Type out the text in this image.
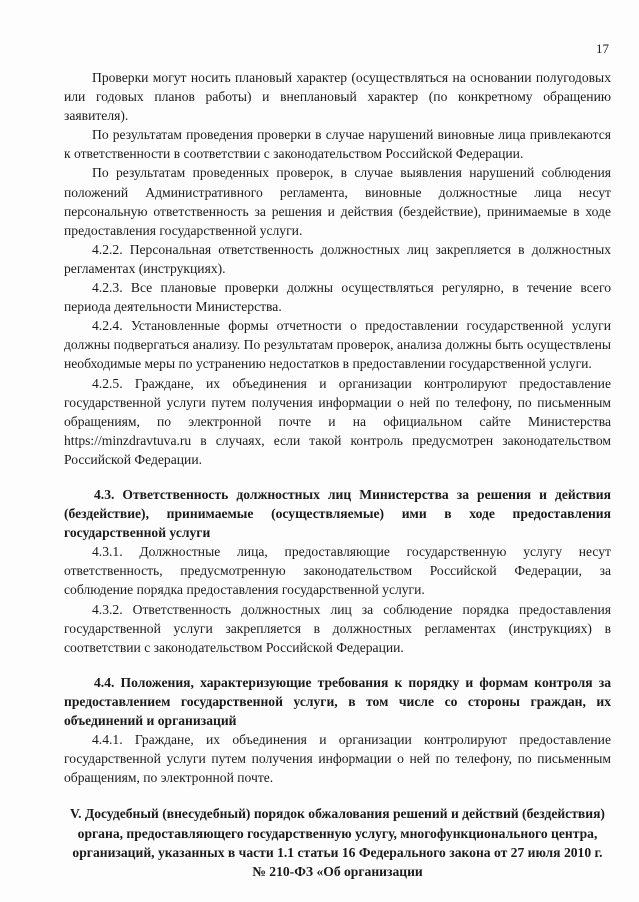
17

Проверки могут носить плановый характер (осуществляться на основании полугодовых или годовых планов работы) и внеплановый характер (по конкретному обращению заявителя).

По результатам проведения проверки в случае нарушений виновные лица привлекаются к ответственности в соответствии с законодательством Российской Федерации.

По результатам проведенных проверок, в случае выявления нарушений соблюдения положений Административного регламента, виновные должностные лица несут персональную ответственность за решения и действия (бездействие), принимаемые в ходе предоставления государственной услуги.

4.2.2. Персональная ответственность должностных лиц закрепляется в должностных регламентах (инструкциях).

4.2.3. Все плановые проверки должны осуществляться регулярно, в течение всего периода деятельности Министерства.

4.2.4. Установленные формы отчетности о предоставлении государственной услуги должны подвергаться анализу. По результатам проверок, анализа должны быть осуществлены необходимые меры по устранению недостатков в предоставлении государственной услуги.

4.2.5. Граждане, их объединения и организации контролируют предоставление государственной услуги путем получения информации о ней по телефону, по письменным обращениям, по электронной почте и на официальном сайте Министерства https://minzdravtuva.ru в случаях, если такой контроль предусмотрен законодательством Российской Федерации.

4.3. Ответственность должностных лиц Министерства за решения и действия (бездействие), принимаемые (осуществляемые) ими в ходе предоставления государственной услуги

4.3.1. Должностные лица, предоставляющие государственную услугу несут ответственность, предусмотренную законодательством Российской Федерации, за соблюдение порядка предоставления государственной услуги.

4.3.2. Ответственность должностных лиц за соблюдение порядка предоставления государственной услуги закрепляется в должностных регламентах (инструкциях) в соответствии с законодательством Российской Федерации.

4.4. Положения, характеризующие требования к порядку и формам контроля за предоставлением государственной услуги, в том числе со стороны граждан, их объединений и организаций

4.4.1. Граждане, их объединения и организации контролируют предоставление государственной услуги путем получения информации о ней по телефону, по письменным обращениям, по электронной почте.

V. Досудебный (внесудебный) порядок обжалования решений и действий (бездействия) органа, предоставляющего государственную услугу, многофункционального центра, организаций, указанных в части 1.1 статьи 16 Федерального закона от 27 июля 2010 г. № 210-ФЗ «Об организации
